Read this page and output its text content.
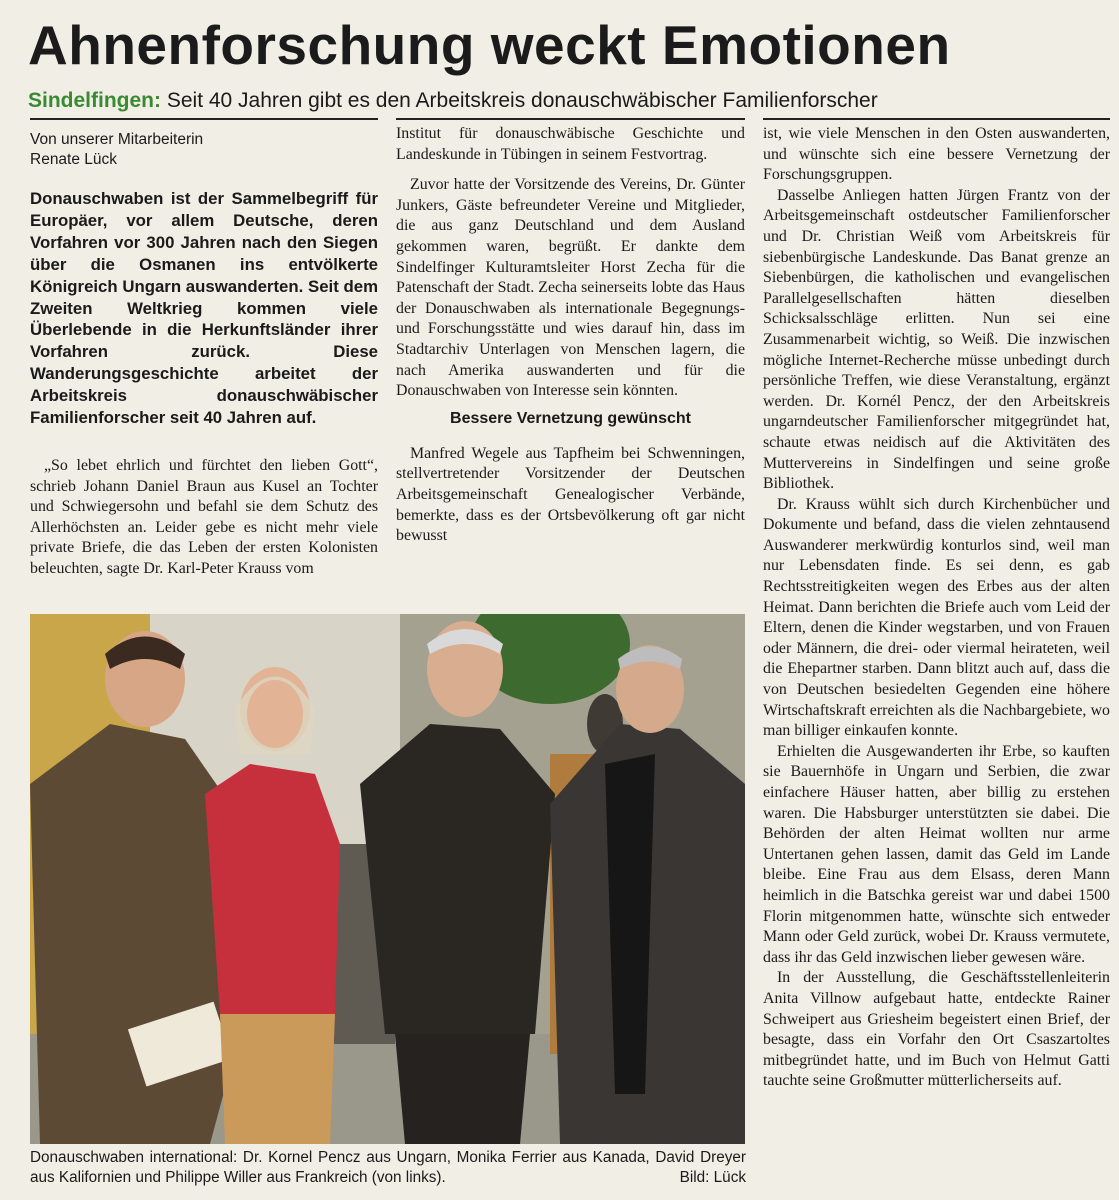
Ahnenforschung weckt Emotionen
Sindelfingen: Seit 40 Jahren gibt es den Arbeitskreis donauschwäbischer Familienforscher
Von unserer Mitarbeiterin
Renate Lück
Donauschwaben ist der Sammelbegriff für Europäer, vor allem Deutsche, deren Vorfahren vor 300 Jahren nach den Siegen über die Osmanen ins entvölkerte Königreich Ungarn auswanderten. Seit dem Zweiten Weltkrieg kommen viele Überlebende in die Herkunftsländer ihrer Vorfahren zurück. Diese Wanderungsgeschichte arbeitet der Arbeitskreis donauschwäbischer Familienforscher seit 40 Jahren auf.

„So lebet ehrlich und fürchtet den lieben Gott“, schrieb Johann Daniel Braun aus Kusel an Tochter und Schwiegersohn und befahl sie dem Schutz des Allerhöchsten an. Leider gebe es nicht mehr viele private Briefe, die das Leben der ersten Kolonisten beleuchten, sagte Dr. Karl-Peter Krauss vom

Institut für donauschwäbische Geschichte und Landeskunde in Tübingen in seinem Festvortrag.

Zuvor hatte der Vorsitzende des Vereins, Dr. Günter Junkers, Gäste befreundeter Vereine und Mitglieder, die aus ganz Deutschland und dem Ausland gekommen waren, begrüßt. Er dankte dem Sindelfinger Kulturamtsleiter Horst Zecha für die Patenschaft der Stadt. Zecha seinerseits lobte das Haus der Donauschwaben als internationale Begegnungs- und Forschungsstätte und wies darauf hin, dass im Stadtarchiv Unterlagen von Menschen lagern, die nach Amerika auswanderten und für die Donauschwaben von Interesse sein könnten.

Bessere Vernetzung gewünscht

Manfred Wegele aus Tapfheim bei Schwenningen, stellvertretender Vorsitzender der Deutschen Arbeitsgemeinschaft Genealogischer Verbände, bemerkte, dass es der Ortsbevölkerung oft gar nicht bewusst

ist, wie viele Menschen in den Osten auswanderten, und wünschte sich eine bessere Vernetzung der Forschungsgruppen.

Dasselbe Anliegen hatten Jürgen Frantz von der Arbeitsgemeinschaft ostdeutscher Familienforscher und Dr. Christian Weiß vom Arbeitskreis für siebenbürgische Landeskunde. Das Banat grenze an Siebenbürgen, die katholischen und evangelischen Parallelgesellschaften hätten dieselben Schicksalsschläge erlitten. Nun sei eine Zusammenarbeit wichtig, so Weiß. Die inzwischen mögliche Internet-Recherche müsse unbedingt durch persönliche Treffen, wie diese Veranstaltung, ergänzt werden. Dr. Kornél Pencz, der den Arbeitskreis ungarndeutscher Familienforscher mitgegründet hat, schaute etwas neidisch auf die Aktivitäten des Muttervereins in Sindelfingen und seine große Bibliothek.

Dr. Krauss wühlt sich durch Kirchenbücher und Dokumente und befand, dass die vielen zehntausend Auswanderer merkwürdig konturlos sind, weil man nur Lebensdaten finde. Es sei denn, es gab Rechtsstreitigkeiten wegen des Erbes aus der alten Heimat. Dann berichten die Briefe auch vom Leid der Eltern, denen die Kinder wegstarben, und von Frauen oder Männern, die drei- oder viermal heirateten, weil die Ehepartner starben. Dann blitzt auch auf, dass die von Deutschen besiedelten Gegenden eine höhere Wirtschaftskraft erreichten als die Nachbargebiete, wo man billiger einkaufen konnte.

Erhielten die Ausgewanderten ihr Erbe, so kauften sie Bauernhöfe in Ungarn und Serbien, die zwar einfachere Häuser hatten, aber billig zu erstehen waren. Die Habsburger unterstützten sie dabei. Die Behörden der alten Heimat wollten nur arme Untertanen gehen lassen, damit das Geld im Lande bleibe. Eine Frau aus dem Elsass, deren Mann heimlich in die Batschka gereist war und dabei 1500 Florin mitgenommen hatte, wünschte sich entweder Mann oder Geld zurück, wobei Dr. Krauss vermutete, dass ihr das Geld inzwischen lieber gewesen wäre.

In der Ausstellung, die Geschäftsstellenleiterin Anita Villnow aufgebaut hatte, entdeckte Rainer Schweipert aus Griesheim begeistert einen Brief, der besagte, dass ein Vorfahr den Ort Csaszartoltes mitbegründet hatte, und im Buch von Helmut Gatti tauchte seine Großmutter mütterlicherseits auf.

Donauschwaben international: Dr. Kornel Pencz aus Ungarn, Monika Ferrier aus Kanada, David Dreyer aus Kalifornien und Philippe Willer aus Frankreich (von links).	Bild: Lück
